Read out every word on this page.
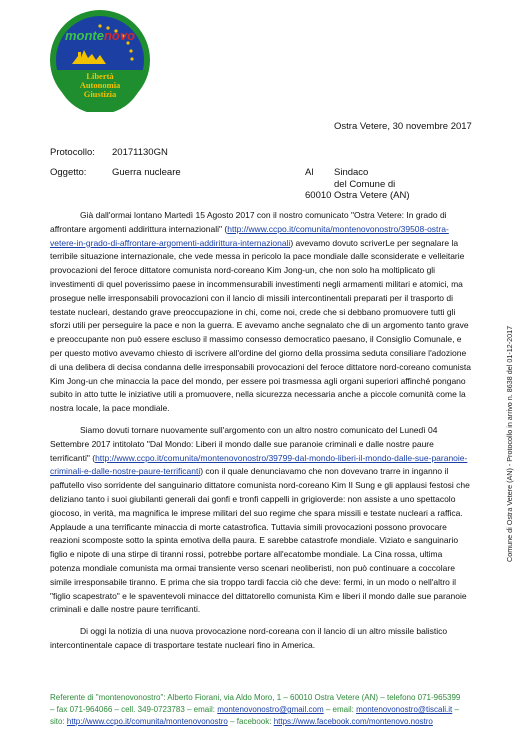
montenovo
Libertà
Autonomia
Giustizia
Ostra Vetere, 30 novembre 2017
Protocollo: 20171130GN
Oggetto:	Guerra nucleare	Al	Sindaco
del Comune di
60010 Ostra Vetere (AN)

Già dall'ormai lontano Martedì 15 Agosto 2017 con il nostro comunicato "Ostra Vetere: In grado di affrontare argomenti addirittura internazionali" (http://www.ccpo.it/comunita/montenovonostro/39508-ostra-vetere-in-grado-di-affrontare-argomenti-addirittura-internazionali) avevamo dovuto scriverLe per segnalare la terribile situazione internazionale, che vede messa in pericolo la pace mondiale dalle sconsiderate e velleitarie provocazioni del feroce dittatore comunista nord-coreano Kim Jong-un, che non solo ha moltiplicato gli investimenti di quel poverissimo paese in incommensurabili investimenti negli armamenti militari e atomici, ma prosegue nelle irresponsabili provocazioni con il lancio di missili intercontinentali preparati per il trasporto di testate nucleari, destando grave preoccupazione in chi, come noi, crede che si debbano promuovere tutti gli sforzi utili per perseguire la pace e non la guerra. E avevamo anche segnalato che di un argomento tanto grave e preoccupante non può essere escluso il massimo consesso democratico paesano, il Consiglio Comunale, e per questo motivo avevamo chiesto di iscrivere all'ordine del giorno della prossima seduta consiliare l'adozione di una delibera di decisa condanna delle irresponsabili provocazioni del feroce dittatore nord-coreano comunista Kim Jong-un che minaccia la pace del mondo, per essere poi trasmessa agli organi superiori affinché pongano subito in atto tutte le iniziative utili a promuovere, nella sicurezza necessaria anche a piccole comunità come la nostra locale, la pace mondiale.

Siamo dovuti tornare nuovamente sull'argomento con un altro nostro comunicato del Lunedì 04 Settembre 2017 intitolato "Dal Mondo: Liberi il mondo dalle sue paranoie criminali e dalle nostre paure terrificanti" (http://www.ccpo.it/comunita/montenovonostro/39799-dal-mondo-liberi-il-mondo-dalle-sue-paranoie-criminali-e-dalle-nostre-paure-terrificanti) con il quale denunciavamo che non dovevano trarre in inganno il paffutello viso sorridente del sanguinario dittatore comunista nord-coreano Kim Il Sung e gli applausi festosi che deliziano tanto i suoi giubilanti generali dai gonfi e tronfi cappelli in grigioverde: non assiste a uno spettacolo giocoso, in verità, ma magnifica le imprese militari del suo regime che spara missili e testate nucleari a raffica. Applaude a una terrificante minaccia di morte catastrofica. Tuttavia simili provocazioni possono provocare reazioni scomposte sotto la spinta emotiva della paura. E sarebbe catastrofe mondiale. Viziato e sanguinario figlio e nipote di una stirpe di tiranni rossi, potrebbe portare all'ecatombe mondiale. La Cina rossa, ultima potenza mondiale comunista ma ormai transiente verso scenari neoliberisti, non può continuare a coccolare simile irresponsabile tiranno. E prima che sia troppo tardi faccia ciò che deve: fermi, in un modo o nell'altro il "figlio scapestrato" e le spaventevoli minacce del dittatorello comunista Kim e liberi il mondo dalle sue paranoie criminali e dalle nostre paure terrificanti.

Di oggi la notizia di una nuova provocazione nord-coreana con il lancio di un altro missile balistico intercontinentale capace di trasportare testate nucleari fino in America.

Referente di "montenovonostro": Alberto Fiorani, via Aldo Moro, 1 – 60010 Ostra Vetere (AN) – telefono 071-965399
– fax 071-964066 – cell. 349-0723783 – email: montenovonostro@gmail.com – email: montenovonostro@tiscali.it –
sito: http://www.ccpo.it/comunita/montenovonostro – facebook: https://www.facebook.com/montenovo.nostro
Comune di Ostra Vetere (AN) - Protocollo in arrivo n. 8638 del 01-12-2017
